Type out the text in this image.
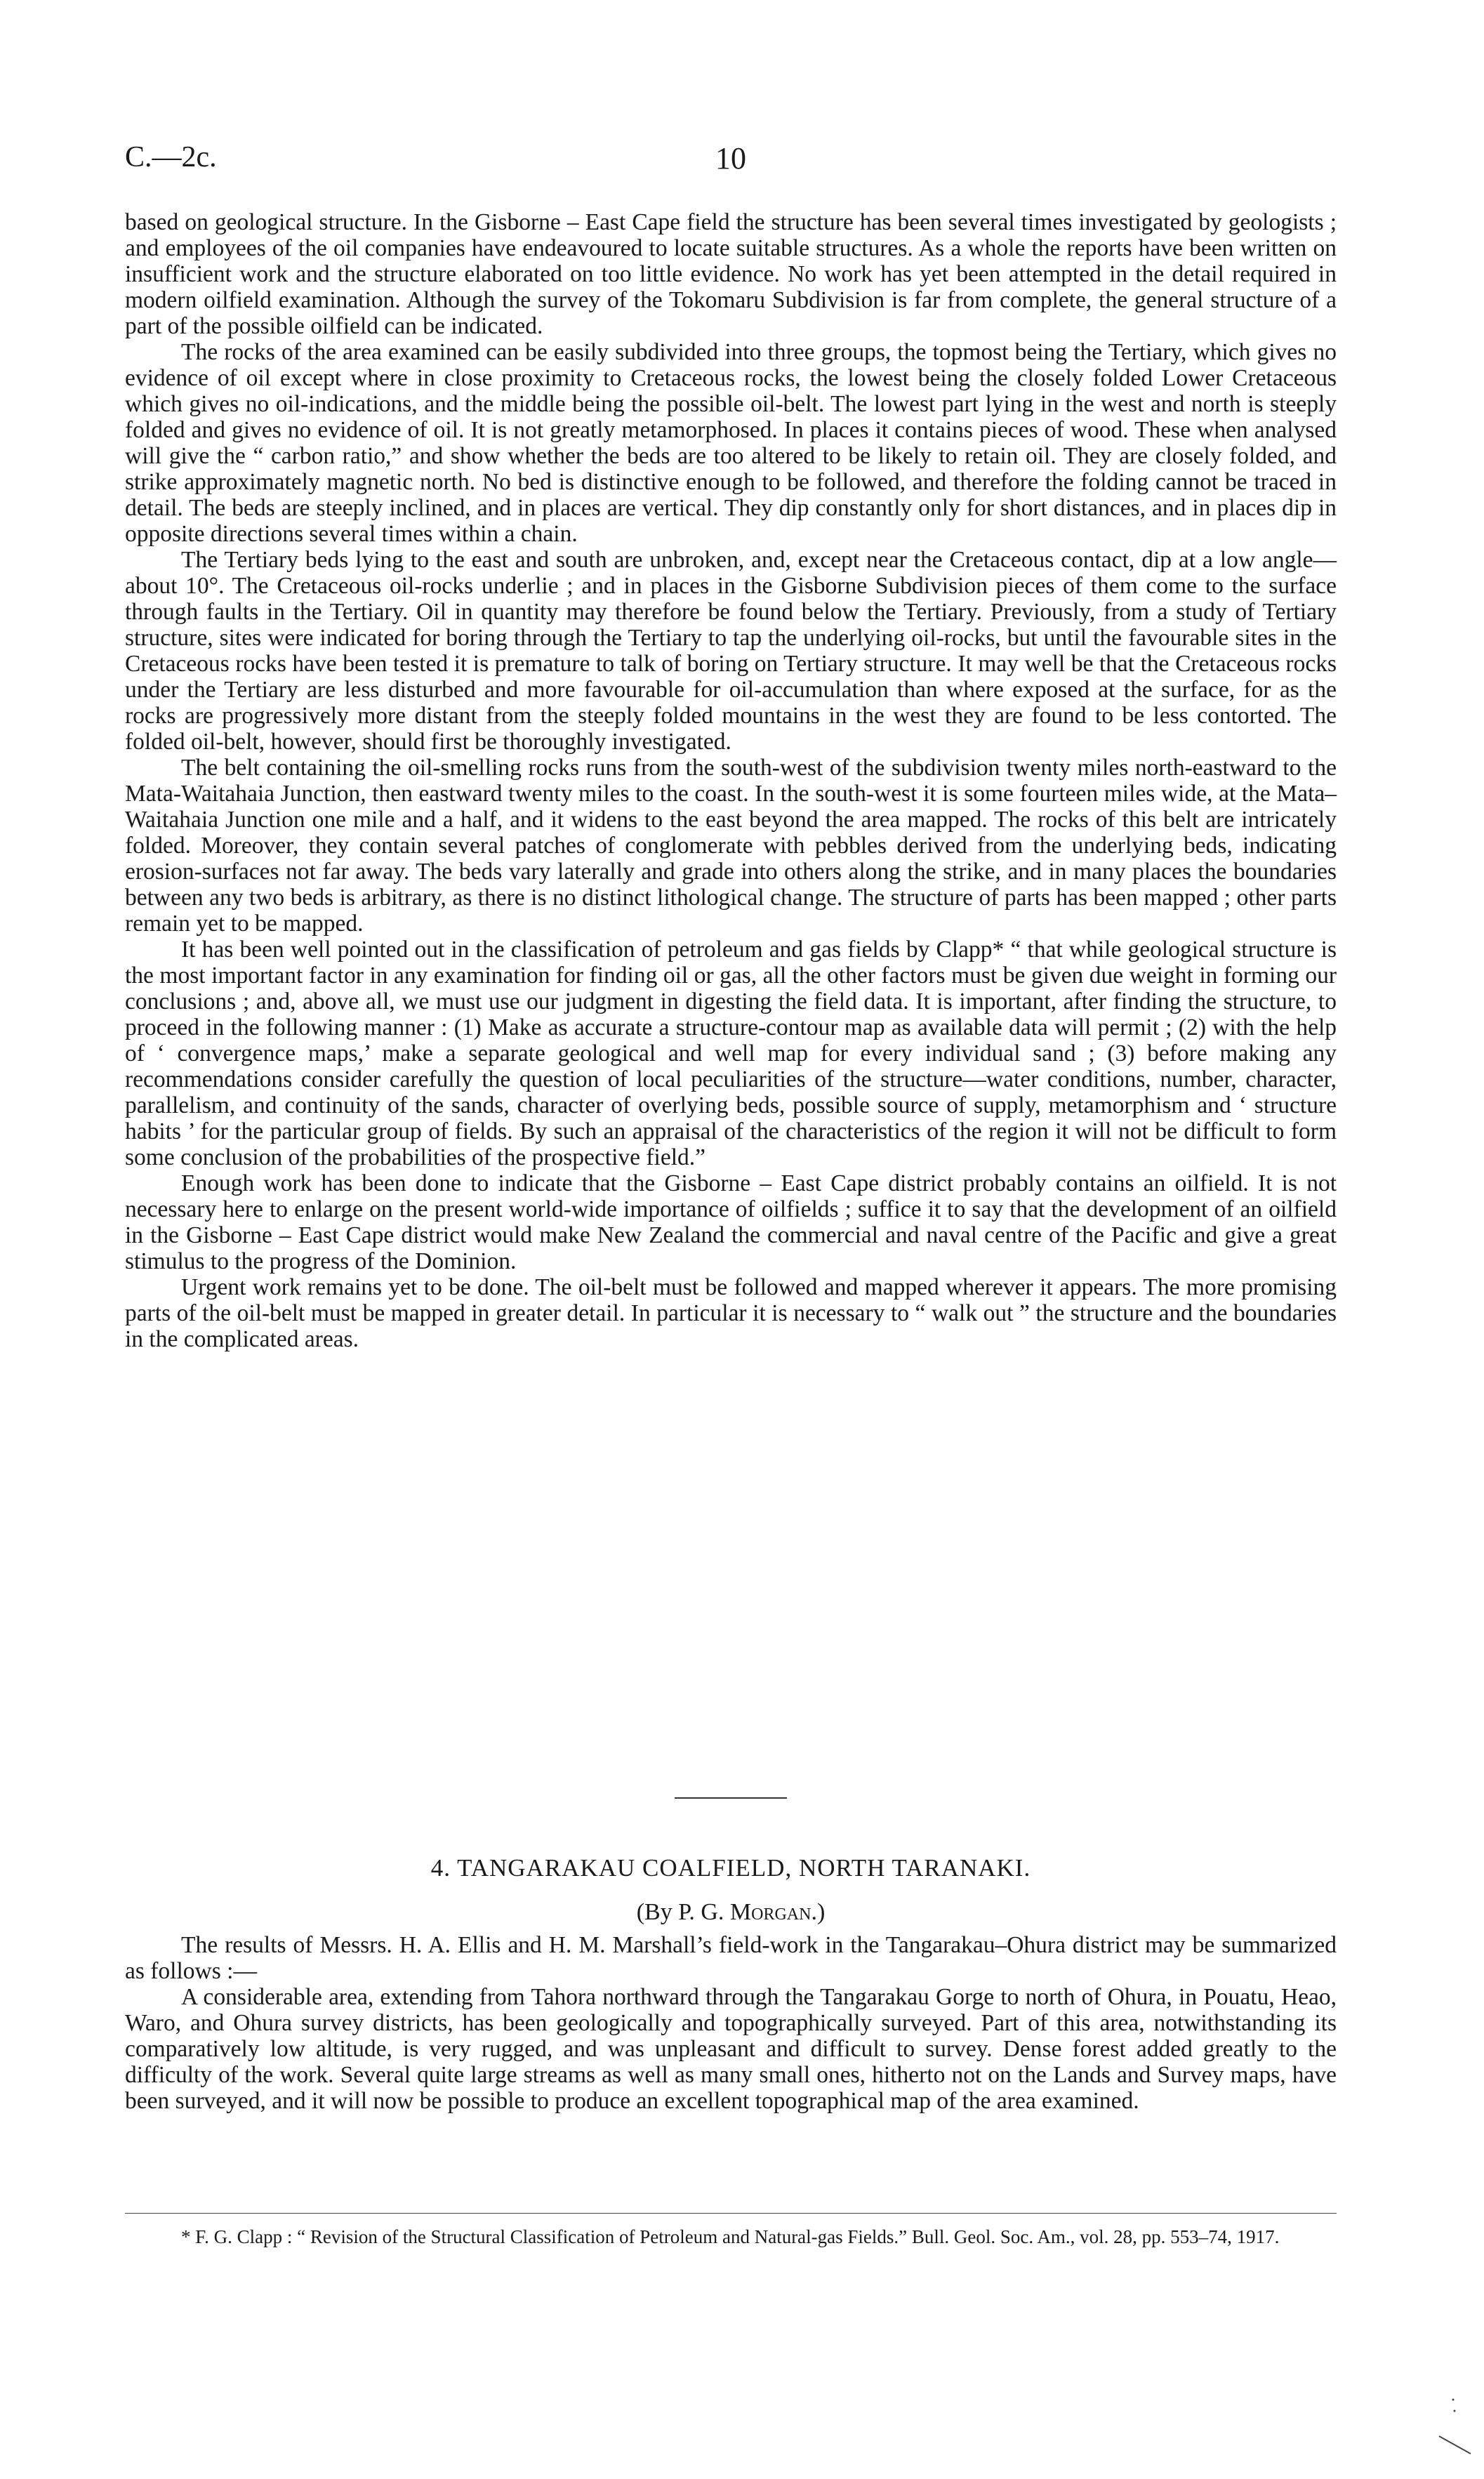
C.—2c.	10

based on geological structure. In the Gisborne – East Cape field the structure has been several times investigated by geologists ; and employees of the oil companies have endeavoured to locate suitable structures. As a whole the reports have been written on insufficient work and the structure elaborated on too little evidence. No work has yet been attempted in the detail required in modern oilfield examination. Although the survey of the Tokomaru Subdivision is far from complete, the general structure of a part of the possible oilfield can be indicated.

The rocks of the area examined can be easily subdivided into three groups, the topmost being the Tertiary, which gives no evidence of oil except where in close proximity to Cretaceous rocks, the lowest being the closely folded Lower Cretaceous which gives no oil-indications, and the middle being the possible oil-belt. The lowest part lying in the west and north is steeply folded and gives no evidence of oil. It is not greatly metamorphosed. In places it contains pieces of wood. These when analysed will give the “ carbon ratio,” and show whether the beds are too altered to be likely to retain oil. They are closely folded, and strike approximately magnetic north. No bed is distinctive enough to be followed, and therefore the folding cannot be traced in detail. The beds are steeply inclined, and in places are vertical. They dip constantly only for short distances, and in places dip in opposite directions several times within a chain.

The Tertiary beds lying to the east and south are unbroken, and, except near the Cretaceous contact, dip at a low angle—about 10°. The Cretaceous oil-rocks underlie ; and in places in the Gisborne Subdivision pieces of them come to the surface through faults in the Tertiary. Oil in quantity may therefore be found below the Tertiary. Previously, from a study of Tertiary structure, sites were indicated for boring through the Tertiary to tap the underlying oil-rocks, but until the favourable sites in the Cretaceous rocks have been tested it is premature to talk of boring on Tertiary structure. It may well be that the Cretaceous rocks under the Tertiary are less disturbed and more favourable for oil-accumulation than where exposed at the surface, for as the rocks are progressively more distant from the steeply folded mountains in the west they are found to be less contorted. The folded oil-belt, however, should first be thoroughly investigated.

The belt containing the oil-smelling rocks runs from the south-west of the subdivision twenty miles north-eastward to the Mata-Waitahaia Junction, then eastward twenty miles to the coast. In the south-west it is some fourteen miles wide, at the Mata–Waitahaia Junction one mile and a half, and it widens to the east beyond the area mapped. The rocks of this belt are intricately folded. Moreover, they contain several patches of conglomerate with pebbles derived from the underlying beds, indicating erosion-surfaces not far away. The beds vary laterally and grade into others along the strike, and in many places the boundaries between any two beds is arbitrary, as there is no distinct lithological change. The structure of parts has been mapped ; other parts remain yet to be mapped.

It has been well pointed out in the classification of petroleum and gas fields by Clapp* “ that while geological structure is the most important factor in any examination for finding oil or gas, all the other factors must be given due weight in forming our conclusions ; and, above all, we must use our judgment in digesting the field data. It is important, after finding the structure, to proceed in the following manner : (1) Make as accurate a structure-contour map as available data will permit ; (2) with the help of ‘ convergence maps,’ make a separate geological and well map for every individual sand ; (3) before making any recommendations consider carefully the question of local peculiarities of the structure—water conditions, number, character, parallelism, and continuity of the sands, character of overlying beds, possible source of supply, metamorphism and ‘ structure habits ’ for the particular group of fields. By such an appraisal of the characteristics of the region it will not be difficult to form some conclusion of the probabilities of the prospective field.”

Enough work has been done to indicate that the Gisborne – East Cape district probably contains an oilfield. It is not necessary here to enlarge on the present world-wide importance of oilfields ; suffice it to say that the development of an oilfield in the Gisborne – East Cape district would make New Zealand the commercial and naval centre of the Pacific and give a great stimulus to the progress of the Dominion.

Urgent work remains yet to be done. The oil-belt must be followed and mapped wherever it appears. The more promising parts of the oil-belt must be mapped in greater detail. In particular it is necessary to “ walk out ” the structure and the boundaries in the complicated areas.

4. TANGARAKAU COALFIELD, NORTH TARANAKI.
(By P. G. Morgan.)

The results of Messrs. H. A. Ellis and H. M. Marshall’s field-work in the Tangarakau–Ohura district may be summarized as follows :—

A considerable area, extending from Tahora northward through the Tangarakau Gorge to north of Ohura, in Pouatu, Heao, Waro, and Ohura survey districts, has been geologically and topographically surveyed. Part of this area, notwithstanding its comparatively low altitude, is very rugged, and was unpleasant and difficult to survey. Dense forest added greatly to the difficulty of the work. Several quite large streams as well as many small ones, hitherto not on the Lands and Survey maps, have been surveyed, and it will now be possible to produce an excellent topographical map of the area examined.

* F. G. Clapp : “ Revision of the Structural Classification of Petroleum and Natural-gas Fields.” Bull. Geol. Soc. Am., vol. 28, pp. 553–74, 1917.
